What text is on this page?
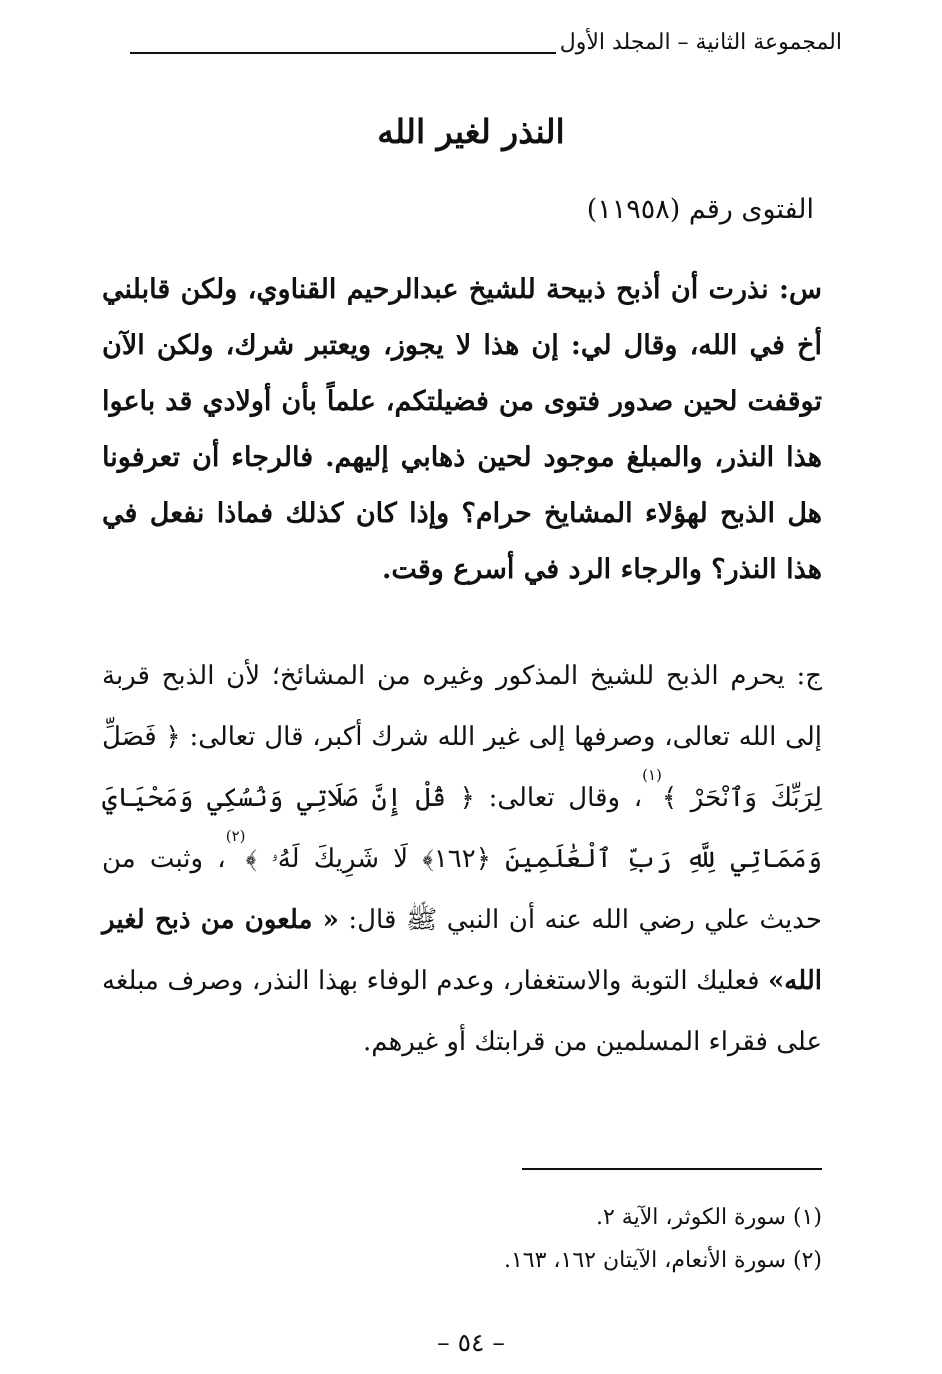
المجموعة الثانية – المجلد الأول
النذر لغير الله

الفتوى رقم (١١٩٥٨)

س: نذرت أن أذبح ذبيحة للشيخ عبدالرحيم القناوي، ولكن قابلني أخ في الله، وقال لي: إن هذا لا يجوز، ويعتبر شرك، ولكن الآن توقفت لحين صدور فتوى من فضيلتكم، علماً بأن أولادي قد باعوا هذا النذر، والمبلغ موجود لحين ذهابي إليهم. فالرجاء أن تعرفونا هل الذبح لهؤلاء المشايخ حرام؟ وإذا كان كذلك فماذا نفعل في هذا النذر؟ والرجاء الرد في أسرع وقت.

ج: يحرم الذبح للشيخ المذكور وغيره من المشائخ؛ لأن الذبح قربة إلى الله تعالى، وصرفها إلى غير الله شرك أكبر، قال تعالى: ﴿ فَصَلِّ لِرَبِّكَ وَٱنْحَرْ ﴾$^{(١)}$، وقال تعالى: ﴿ قُلْ إِنَّ صَلَاتِي وَنُسُكِي وَمَحْيَايَ وَمَمَاتِي لِلَّهِ رَبِّ ٱلْعَٰلَمِينَ ﴿١٦٢﴾ لَا شَرِيكَ لَهُۥ ﴾$^{(٢)}$، وثبت من حديث علي رضي الله عنه أن النبي ﷺ قال: « ملعون من ذبح لغير الله» فعليك التوبة والاستغفار، وعدم الوفاء بهذا النذر، وصرف مبلغه على فقراء المسلمين من قرابتك أو غيرهم.

(١) سورة الكوثر، الآية ٢.
(٢) سورة الأنعام، الآيتان ١٦٢، ١٦٣.
– ٥٤ –
